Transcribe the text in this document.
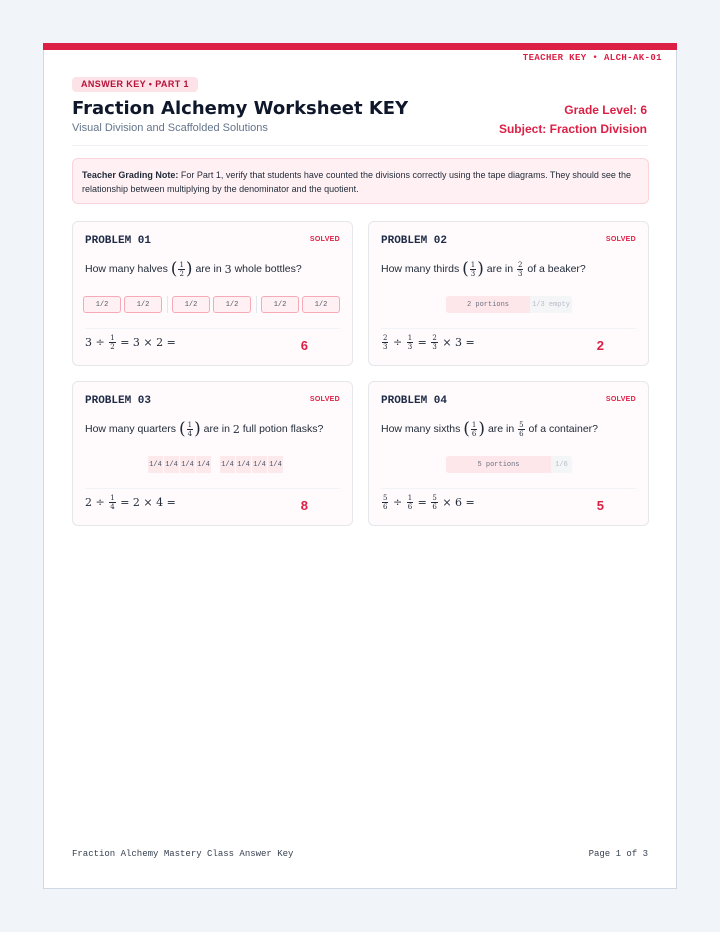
TEACHER KEY • ALCH-AK-01
ANSWER KEY • PART 1
Fraction Alchemy Worksheet KEY
Visual Division and Scaffolded Solutions
Grade Level: 6
Subject: Fraction Division
Teacher Grading Note: For Part 1, verify that students have counted the divisions correctly using the tape diagrams. They should see the relationship between multiplying by the denominator and the quotient.
PROBLEM 01	SOLVED
How many halves
( $\frac{1}{2}$ )
are in
3
whole bottles?
1/2	1/2	1/2	1/2	1/2	1/2
3 ÷
$\frac{1}{2}$
= 3 × 2 =	6
PROBLEM 02	SOLVED
How many thirds
( $\frac{1}{3}$ )
are in
$\frac{2}{3}$
of a beaker?
2 portions	1/3 empty
$\frac{2}{3} \div \frac{1}{3} = \frac{2}{3}$
× 3 =	2
PROBLEM 03	SOLVED
How many quarters
( $\frac{1}{4}$ )
are in
2
full potion flasks?
1/4 1/4 1/4 1/4 1/4 1/4 1/4 1/4
2 ÷
$\frac{1}{4}$
= 2 × 4 =	8
PROBLEM 04	SOLVED
How many sixths
( $\frac{1}{6}$ )
are in
$\frac{5}{6}$
of a container?
5 portions	1/6
$\frac{5}{6} \div \frac{1}{6} = \frac{5}{6}$
× 6 =	5
Fraction Alchemy Mastery Class Answer Key	Page 1 of 3
